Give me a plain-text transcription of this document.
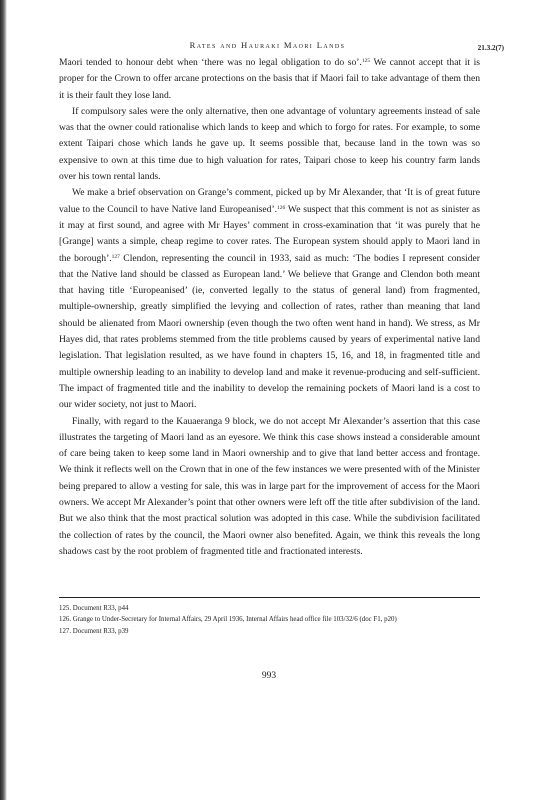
Rates and Hauraki Maori Lands	21.3.2(7)

Maori tended to honour debt when ‘there was no legal obligation to do so’.$^{125}$ We cannot accept that it is proper for the Crown to offer arcane protections on the basis that if Maori fail to take advantage of them then it is their fault they lose land.

If compulsory sales were the only alternative, then one advantage of voluntary agreements instead of sale was that the owner could rationalise which lands to keep and which to forgo for rates. For example, to some extent Taipari chose which lands he gave up. It seems possible that, because land in the town was so expensive to own at this time due to high valuation for rates, Taipari chose to keep his country farm lands over his town rental lands.

We make a brief observation on Grange’s comment, picked up by Mr Alexander, that ‘It is of great future value to the Council to have Native land Europeanised’.$^{126}$ We suspect that this comment is not as sinister as it may at first sound, and agree with Mr Hayes’ comment in cross-examination that ‘it was purely that he [Grange] wants a simple, cheap regime to cover rates. The European system should apply to Maori land in the borough’.$^{127}$ Clendon, representing the council in 1933, said as much: ‘The bodies I represent consider that the Native land should be classed as European land.’ We believe that Grange and Clendon both meant that having title ‘Europeanised’ (ie, converted legally to the status of general land) from fragmented, multiple-ownership, greatly simplified the levying and collection of rates, rather than meaning that land should be alienated from Maori ownership (even though the two often went hand in hand). We stress, as Mr Hayes did, that rates problems stemmed from the title problems caused by years of experimental native land legislation. That legislation resulted, as we have found in chapters 15, 16, and 18, in fragmented title and multiple ownership leading to an inability to develop land and make it revenue-producing and self-sufficient. The impact of fragmented title and the inability to develop the remaining pockets of Maori land is a cost to our wider society, not just to Maori.

Finally, with regard to the Kauaeranga 9 block, we do not accept Mr Alexander’s assertion that this case illustrates the targeting of Maori land as an eyesore. We think this case shows instead a considerable amount of care being taken to keep some land in Maori ownership and to give that land better access and frontage. We think it reflects well on the Crown that in one of the few instances we were presented with of the Minister being prepared to allow a vesting for sale, this was in large part for the improvement of access for the Maori owners. We accept Mr Alexander’s point that other owners were left off the title after subdivision of the land. But we also think that the most practical solution was adopted in this case. While the subdivision facilitated the collection of rates by the council, the Maori owner also benefited. Again, we think this reveals the long shadows cast by the root problem of fragmented title and fractionated interests.

125. Document R33, p44
126. Grange to Under-Secretary for Internal Affairs, 29 April 1936, Internal Affairs head office file 103/32/6 (doc F1, p20)
127. Document R33, p39
993
